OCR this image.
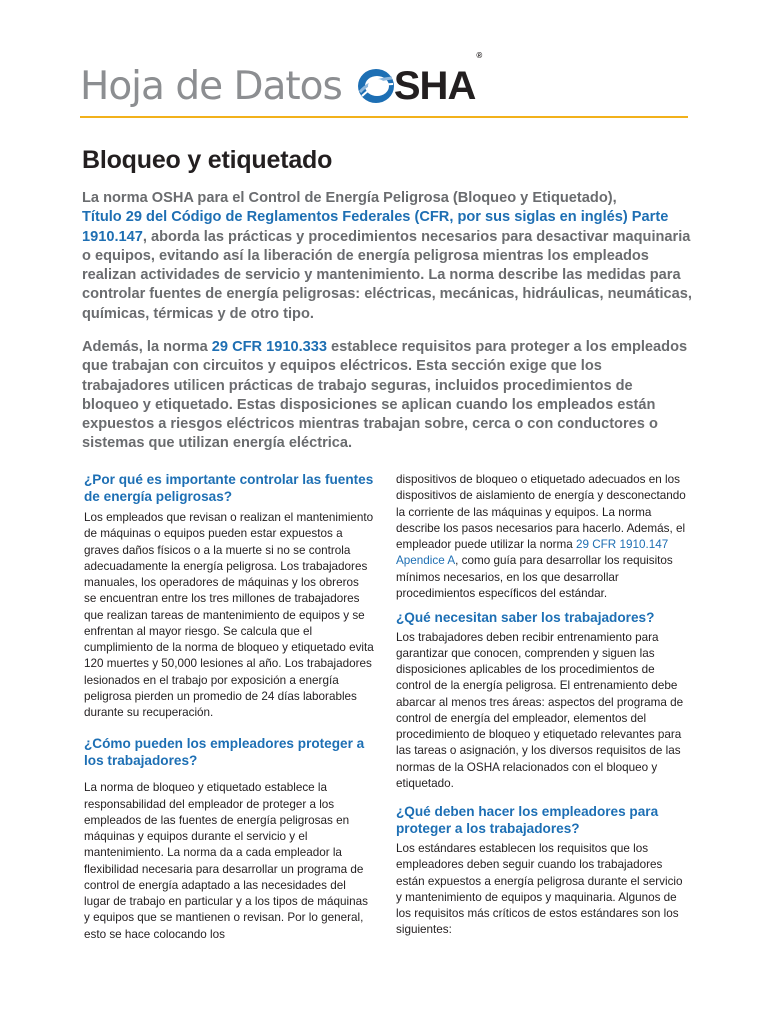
Hoja de Datos SHA®
Bloqueo y etiquetado

La norma OSHA para el Control de Energía Peligrosa (Bloqueo y Etiquetado),
Título 29 del Código de Reglamentos Federales (CFR, por sus siglas en inglés) Parte 1910.147, aborda las prácticas y procedimientos necesarios para desactivar maquinaria o equipos, evitando así la liberación de energía peligrosa mientras los empleados realizan actividades de servicio y mantenimiento. La norma describe las medidas para controlar fuentes de energía peligrosas: eléctricas, mecánicas, hidráulicas, neumáticas, químicas, térmicas y de otro tipo.

Además, la norma 29 CFR 1910.333 establece requisitos para proteger a los empleados que trabajan con circuitos y equipos eléctricos. Esta sección exige que los trabajadores utilicen prácticas de trabajo seguras, incluidos procedimientos de bloqueo y etiquetado. Estas disposiciones se aplican cuando los empleados están expuestos a riesgos eléctricos mientras trabajan sobre, cerca o con conductores o sistemas que utilizan energía eléctrica.

¿Por qué es importante controlar las fuentes de energía peligrosas?

Los empleados que revisan o realizan el mantenimiento de máquinas o equipos pueden estar expuestos a graves daños físicos o a la muerte si no se controla adecuadamente la energía peligrosa. Los trabajadores manuales, los operadores de máquinas y los obreros se encuentran entre los tres millones de trabajadores que realizan tareas de mantenimiento de equipos y se enfrentan al mayor riesgo. Se calcula que el cumplimiento de la norma de bloqueo y etiquetado evita 120 muertes y 50,000 lesiones al año. Los trabajadores lesionados en el trabajo por exposición a energía peligrosa pierden un promedio de 24 días laborables durante su recuperación.

¿Cómo pueden los empleadores proteger a los trabajadores?

La norma de bloqueo y etiquetado establece la responsabilidad del empleador de proteger a los empleados de las fuentes de energía peligrosas en máquinas y equipos durante el servicio y el mantenimiento. La norma da a cada empleador la flexibilidad necesaria para desarrollar un programa de control de energía adaptado a las necesidades del lugar de trabajo en particular y a los tipos de máquinas y equipos que se mantienen o revisan. Por lo general, esto se hace colocando los

dispositivos de bloqueo o etiquetado adecuados en los dispositivos de aislamiento de energía y desconectando la corriente de las máquinas y equipos. La norma describe los pasos necesarios para hacerlo. Además, el empleador puede utilizar la norma 29 CFR 1910.147 Apendice A, como guía para desarrollar los requisitos mínimos necesarios, en los que desarrollar procedimientos específicos del estándar.

¿Qué necesitan saber los trabajadores?

Los trabajadores deben recibir entrenamiento para garantizar que conocen, comprenden y siguen las disposiciones aplicables de los procedimientos de control de la energía peligrosa. El entrenamiento debe abarcar al menos tres áreas: aspectos del programa de control de energía del empleador, elementos del procedimiento de bloqueo y etiquetado relevantes para las tareas o asignación, y los diversos requisitos de las normas de la OSHA relacionados con el bloqueo y etiquetado.

¿Qué deben hacer los empleadores para proteger a los trabajadores?

Los estándares establecen los requisitos que los empleadores deben seguir cuando los trabajadores están expuestos a energía peligrosa durante el servicio y mantenimiento de equipos y maquinaria. Algunos de los requisitos más críticos de estos estándares son los siguientes:
